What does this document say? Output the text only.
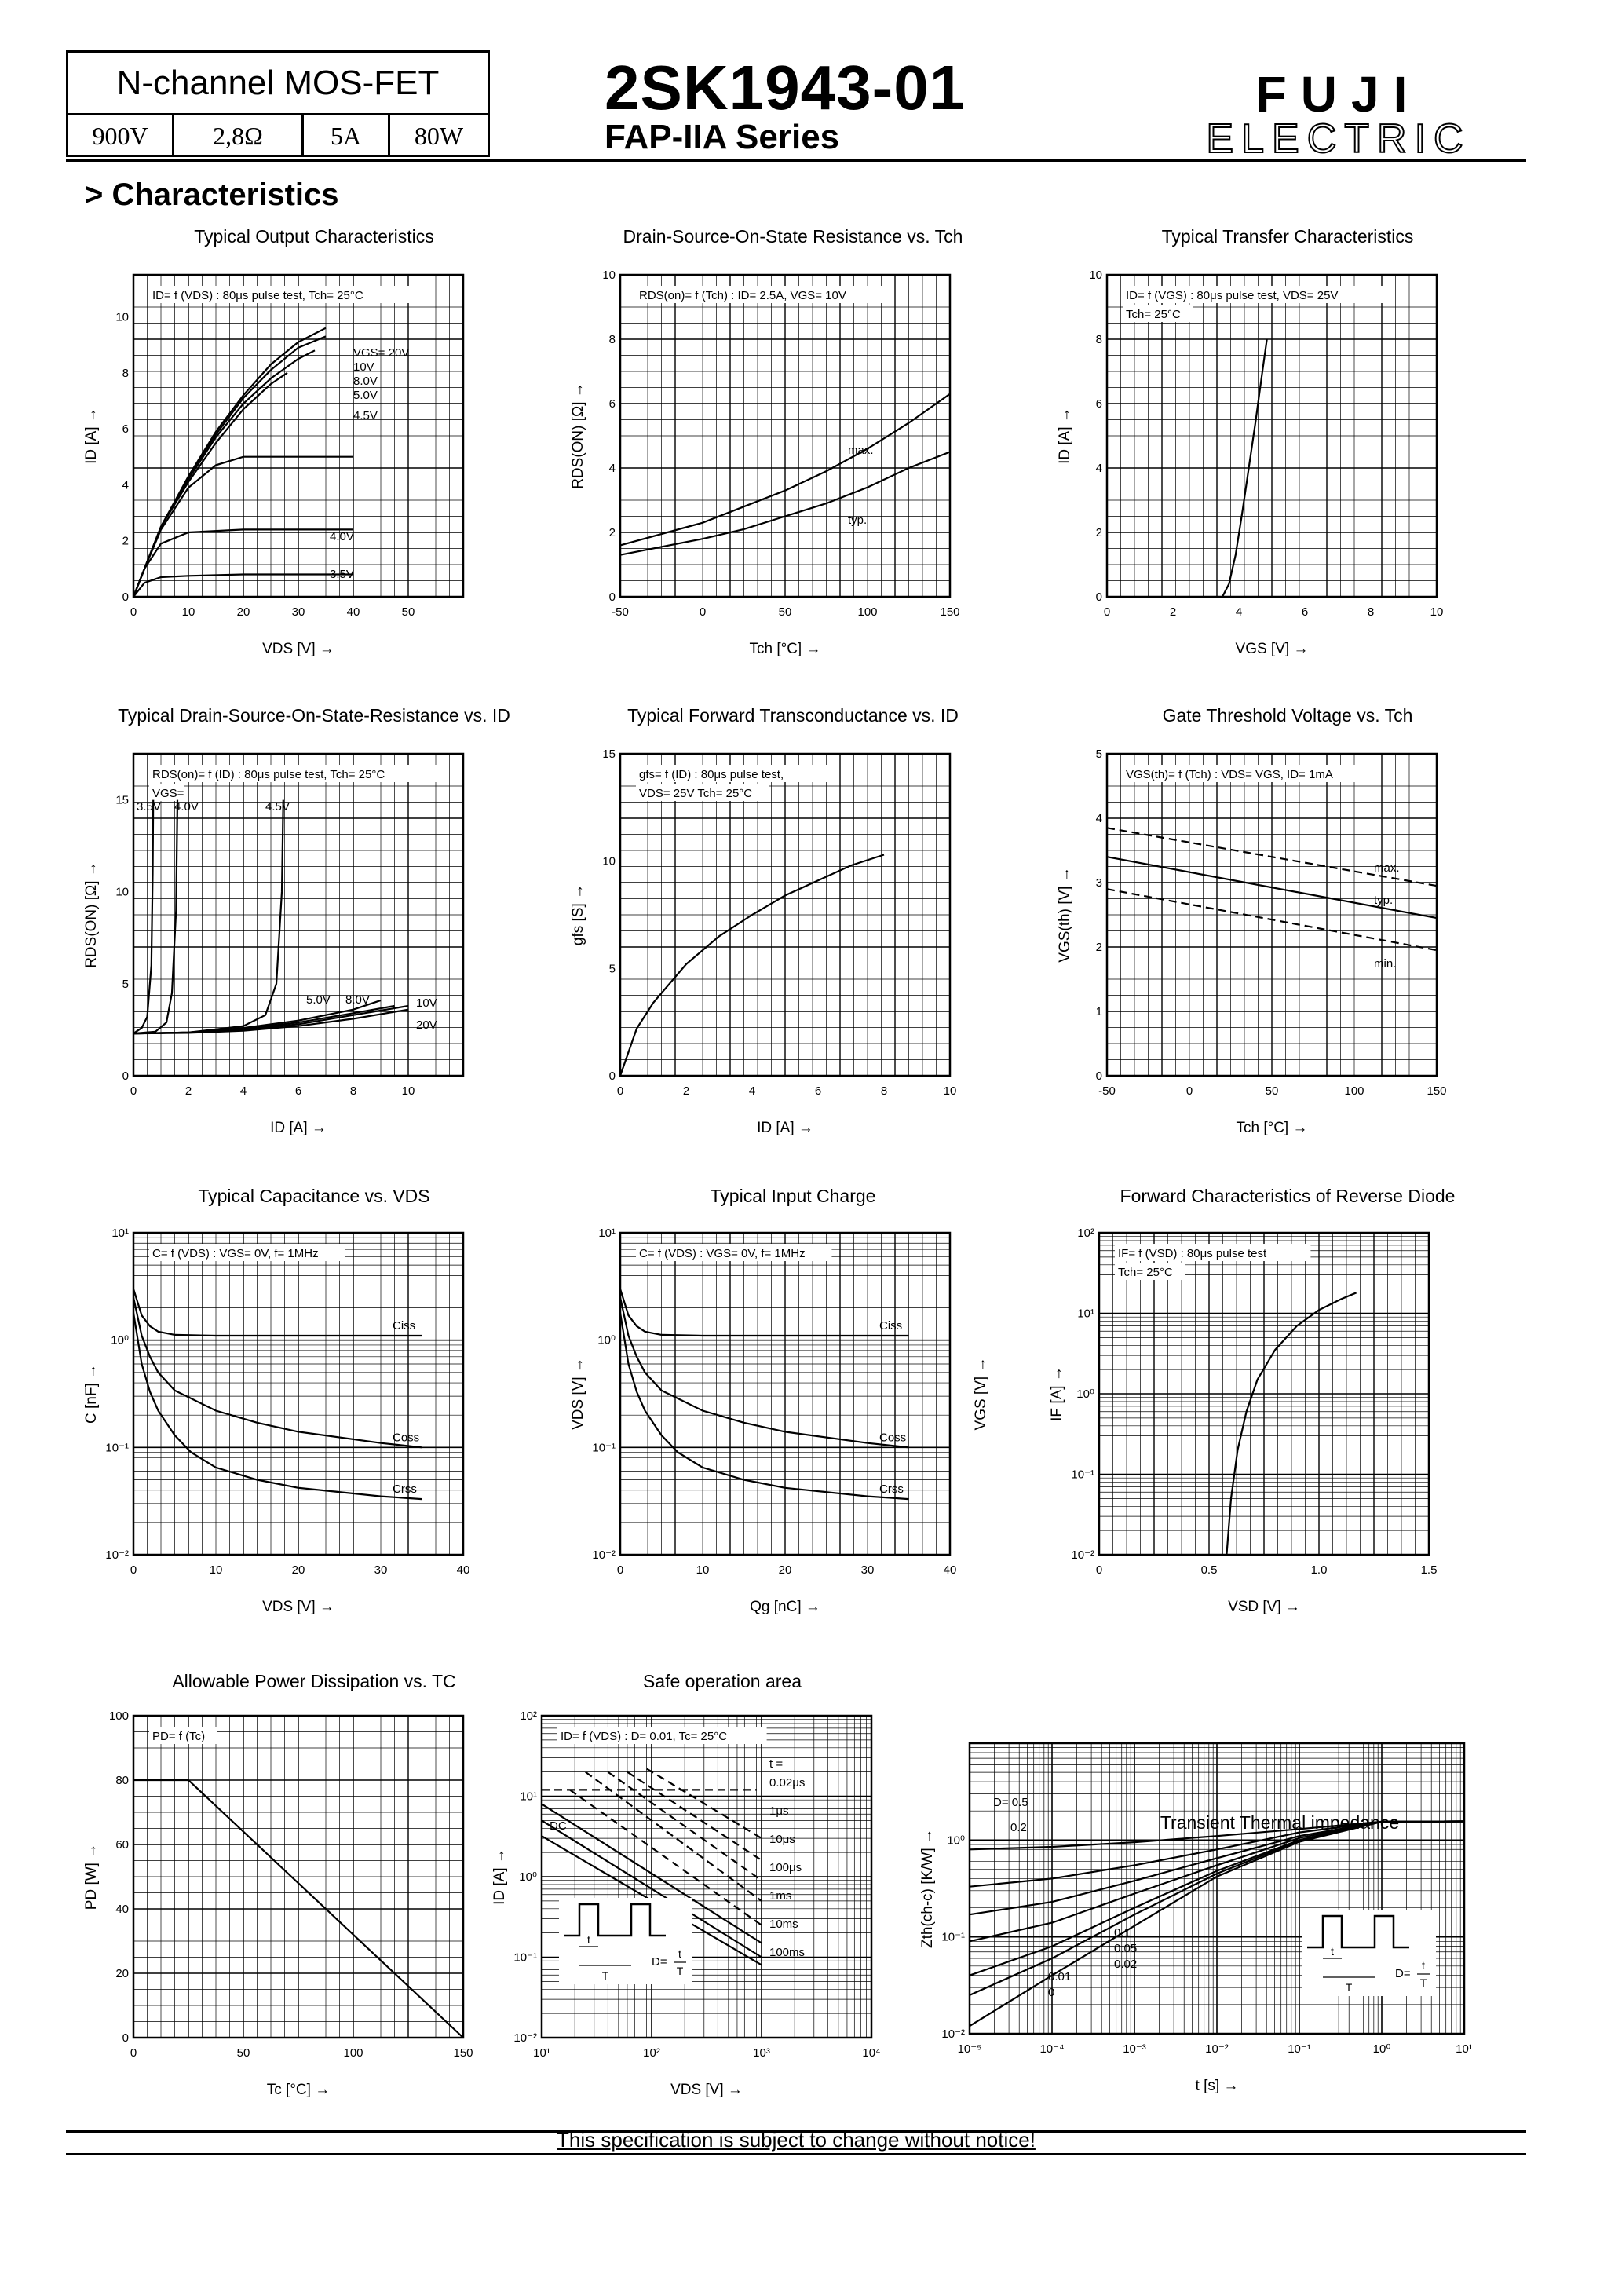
N-channel MOS-FET
900V	2,8Ω	5A	80W
2SK1943-01
FAP-IIA Series
FUJI
ELECTRIC
> Characteristics
Typical Output Characteristics	Drain-Source-On-State Resistance vs. Tch	Typical Transfer Characteristics
Typical Drain-Source-On-State-Resistance vs. ID	Typical Forward Transconductance vs. ID	Gate Threshold Voltage vs. Tch
Typical Capacitance vs. VDS	Typical Input Charge	Forward Characteristics of Reverse Diode
Allowable Power Dissipation vs. TC	Safe operation area
Transient Thermal impedance
0	10	20	30	40	50
0
2
4
6
8
10
VDS [V] →
ID [A] →
ID= f (VDS) : 80μs pulse test, Tch= 25°C
VGS= 20V
10V
8.0V
5.0V
4.5V
4.0V
3.5V
-50	0	50	100	150
0
2
4
6
8
10
Tch [°C] →
RDS(ON) [Ω] →
RDS(on)= f (Tch) : ID= 2.5A, VGS= 10V
max.
typ.
0	2	4	6	8	10
0
2
4
6
8
10
VGS [V] →
ID [A] →
ID= f (VGS) : 80μs pulse test, VDS= 25V
Tch= 25°C
0	2	4	6	8	10
0
5
10
15
ID [A] →
RDS(ON) [Ω] →
RDS(on)= f (ID) : 80μs pulse test, Tch= 25°C
VGS=
3.5V 4.0V	4.5V
5.0V 8.0V	10V
20V
0	2	4	6	8	10
0
5
10
15
ID [A] →
gfs [S] →
gfs= f (ID) : 80μs pulse test,
VDS= 25V Tch= 25°C
-50	0	50	100	150
0
1
2
3
4
5
Tch [°C] →
VGS(th) [V] →
VGS(th)= f (Tch) : VDS= VGS, ID= 1mA
max.
typ.
min.
0	10	20	30	40
10⁻²
10⁻¹
10⁰
10¹
VDS [V] →
C [nF] →
C= f (VDS) : VGS= 0V, f= 1MHz
Ciss
Coss
Crss
0	10	20	30	40
10⁻²
10⁻¹
10⁰
10¹
Qg [nC] →
VDS [V] →	VGS [V] →
C= f (VDS) : VGS= 0V, f= 1MHz
Ciss
Coss
Crss
0	0.5	1.0	1.5
10⁻²
10⁻¹
10⁰
10¹
10²
VSD [V] →
IF [A] →
IF= f (VSD) : 80μs pulse test
Tch= 25°C
0	50	100	150
0
20
40
60
80
100
Tc [°C] →
PD [W] →
PD= f (Tc)
10¹	10²	10³	10⁴
10⁻²
10⁻¹
10⁰
10¹
10²
VDS [V] →
ID [A] →
ID= f (VDS) : D= 0.01, Tc= 25°C
0.02μs
1μs
10μs
100μs
1ms
10ms
100ms
DC
t =
t
T
D=
t
T
10⁻⁵	10⁻⁴	10⁻³	10⁻²	10⁻¹	10⁰	10¹
10⁻²
10⁻¹
10⁰
t [s] →
Zth(ch-c) [K/W] →
D= 0.5
0.2
0.1
0.05
0.02
0.01
0
t
T
D=
t
T
This specification is subject to change without notice!
